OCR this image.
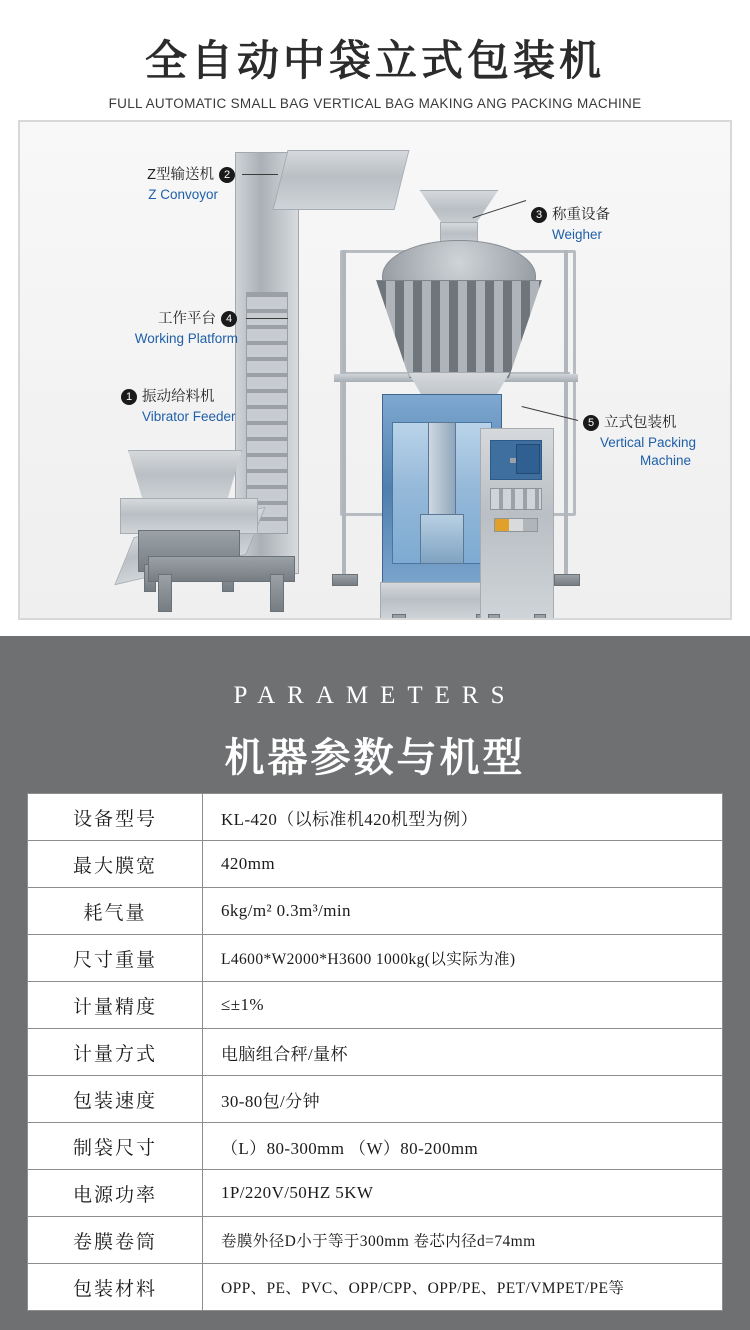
全自动中袋立式包装机
FULL AUTOMATIC SMALL BAG VERTICAL BAG MAKING ANG PACKING MACHINE
Z型输送机 2
Z Convoyor
3 称重设备
Weigher
工作平台 4
Working Platform
1 振动给料机
Vibrator Feeder	5 立式包装机
Vertical Packing
Machine
PARAMETERS
机器参数与机型
设备型号	KL-420（以标准机420机型为例）
最大膜宽	420mm
耗气量	6kg/m² 0.3m³/min
尺寸重量	L4600*W2000*H3600 1000kg(以实际为准)
计量精度	≤±1%
计量方式	电脑组合秤/量杯
包装速度	30-80包/分钟
制袋尺寸	（L）80-300mm （W）80-200mm
电源功率	1P/220V/50HZ 5KW
卷膜卷筒	卷膜外径D小于等于300mm 卷芯内径d=74mm
包装材料	OPP、PE、PVC、OPP/CPP、OPP/PE、PET/VMPET/PE等
